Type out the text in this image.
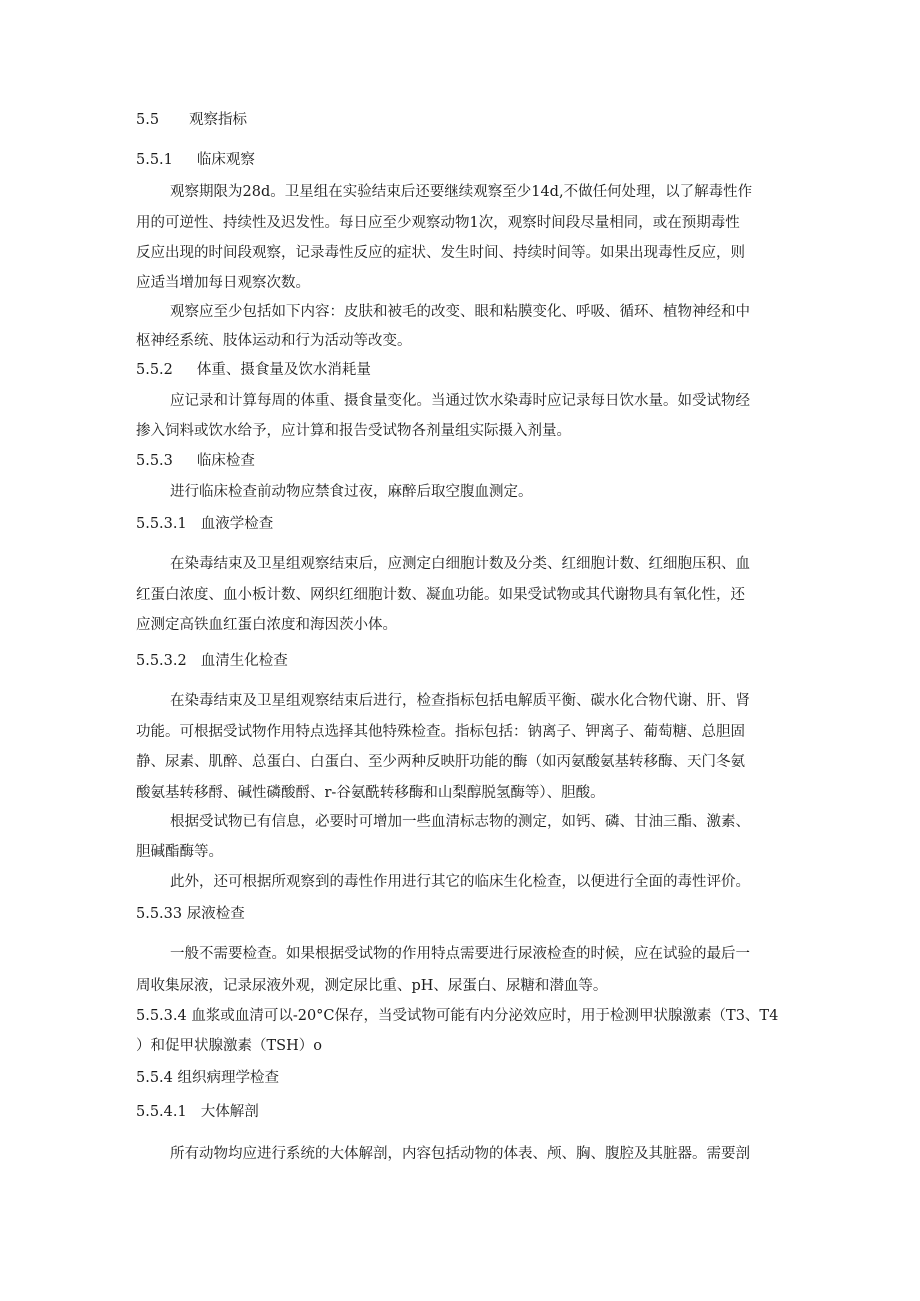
5.5 观察指标
5.5.1 临床观察
观察期限为28d。卫星组在实验结束后还要继续观察至少14d,不做任何处理，以了解毒性作
用的可逆性、持续性及迟发性。每日应至少观察动物1次，观察时间段尽量相同，或在预期毒性
反应出现的时间段观察，记录毒性反应的症状、发生时间、持续时间等。如果出现毒性反应，则
应适当增加每日观察次数。
观察应至少包括如下内容：皮肤和被毛的改变、眼和粘膜变化、呼吸、循环、植物神经和中
枢神经系统、肢体运动和行为活动等改变。
5.5.2 体重、摄食量及饮水消耗量
应记录和计算每周的体重、摄食量变化。当通过饮水染毒时应记录每日饮水量。如受试物经
掺入饲料或饮水给予，应计算和报告受试物各剂量组实际摄入剂量。
5.5.3 临床检查
进行临床检查前动物应禁食过夜，麻醉后取空腹血测定。
5.5.3.1 血液学检查
在染毒结束及卫星组观察结束后，应测定白细胞计数及分类、红细胞计数、红细胞压积、血
红蛋白浓度、血小板计数、网织红细胞计数、凝血功能。如果受试物或其代谢物具有氧化性，还
应测定高铁血红蛋白浓度和海因茨小体。
5.5.3.2 血清生化检查
在染毒结束及卫星组观察结束后进行，检查指标包括电解质平衡、碳水化合物代谢、肝、肾
功能。可根据受试物作用特点选择其他特殊检查。指标包括：钠离子、钾离子、葡萄糖、总胆固
静、尿素、肌醉、总蛋白、白蛋白、至少两种反映肝功能的酶（如丙氨酸氨基转移酶、天门冬氨
酸氨基转移酹、碱性磷酸酹、r-谷氨酰转移酶和山梨醇脱氢酶等）、胆酸。
根据受试物已有信息，必要时可增加一些血清标志物的测定，如钙、磷、甘油三酯、激素、
胆碱酯酶等。
此外，还可根据所观察到的毒性作用进行其它的临床生化检查，以便进行全面的毒性评价。
5.5.33 尿液检查
一般不需要检查。如果根据受试物的作用特点需要进行尿液检查的时候，应在试验的最后一
周收集尿液，记录尿液外观，测定尿比重、pH、尿蛋白、尿糖和潜血等。
5.5.3.4 血浆或血清可以-20°C保存，当受试物可能有内分泌效应时，用于检测甲状腺激素（T3、T4
）和促甲状腺激素（TSH）o
5.5.4 组织病理学检查
5.5.4.1 大体解剖
所有动物均应进行系统的大体解剖，内容包括动物的体表、颅、胸、腹腔及其脏器。需要剖
